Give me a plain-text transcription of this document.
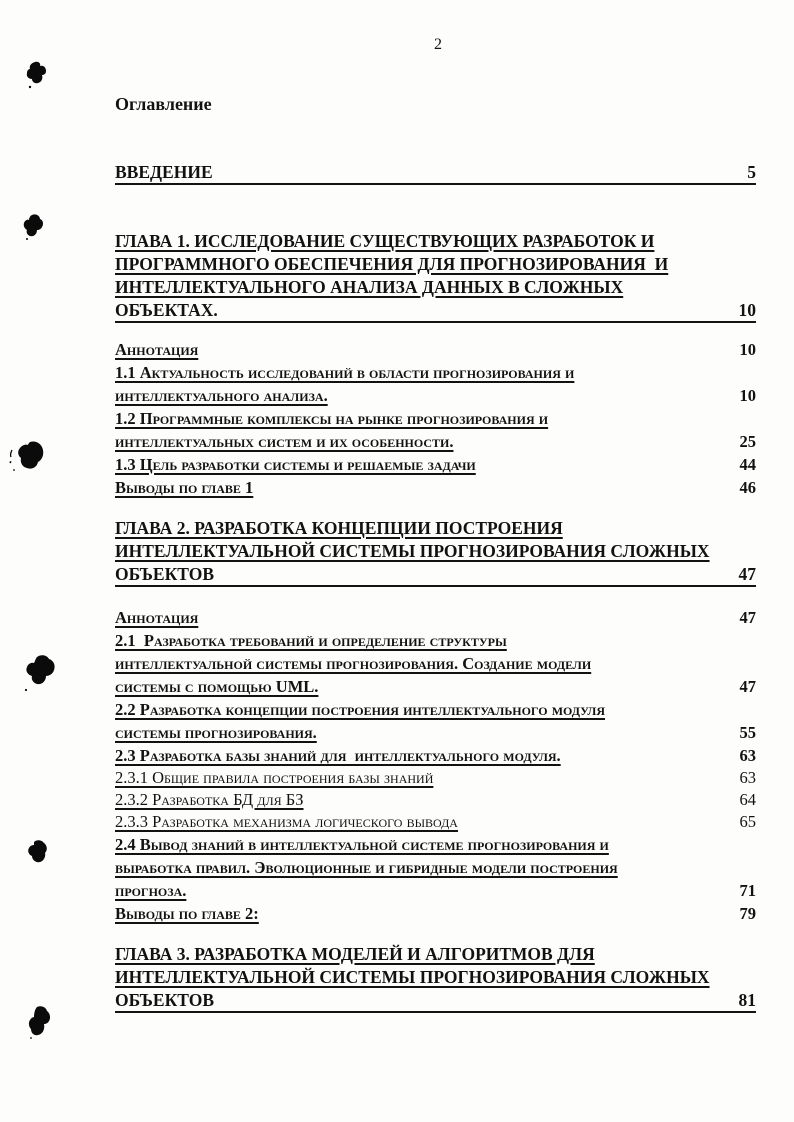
2
Оглавление
ВВЕДЕНИЕ	5
ГЛАВА 1. ИССЛЕДОВАНИЕ СУЩЕСТВУЮЩИХ РАЗРАБОТОК И
ПРОГРАММНОГО ОБЕСПЕЧЕНИЯ ДЛЯ ПРОГНОЗИРОВАНИЯ  И
ИНТЕЛЛЕКТУАЛЬНОГО АНАЛИЗА ДАННЫХ В СЛОЖНЫХ
ОБЪЕКТАХ.	10
Аннотация	10
1.1 Актуальность исследований в области прогнозирования и
интеллектуального анализа.	10
1.2 Программные комплексы на рынке прогнозирования и
интеллектуальных систем и их особенности.	25
1.3 Цель разработки системы и решаемые задачи	44
Выводы по главе 1	46
ГЛАВА 2. РАЗРАБОТКА КОНЦЕПЦИИ ПОСТРОЕНИЯ
ИНТЕЛЛЕКТУАЛЬНОЙ СИСТЕМЫ ПРОГНОЗИРОВАНИЯ СЛОЖНЫХ
ОБЪЕКТОВ	47
Аннотация	47
2.1  Разработка требований и определение структуры
интеллектуальной системы прогнозирования. Создание модели
системы с помощью UML.	47
2.2 Разработка концепции построения интеллектуального модуля
системы прогнозирования.	55
2.3 Разработка базы знаний для  интеллектуального модуля.	63
2.3.1 Общие правила построения базы знаний	63
2.3.2 Разработка БД для БЗ	64
2.3.3 Разработка механизма логического вывода	65
2.4 Вывод знаний в интеллектуальной системе прогнозирования и
выработка правил. Эволюционные и гибридные модели построения
прогноза.	71
Выводы по главе 2:	79
ГЛАВА 3. РАЗРАБОТКА МОДЕЛЕЙ И АЛГОРИТМОВ ДЛЯ
ИНТЕЛЛЕКТУАЛЬНОЙ СИСТЕМЫ ПРОГНОЗИРОВАНИЯ СЛОЖНЫХ
ОБЪЕКТОВ	81
